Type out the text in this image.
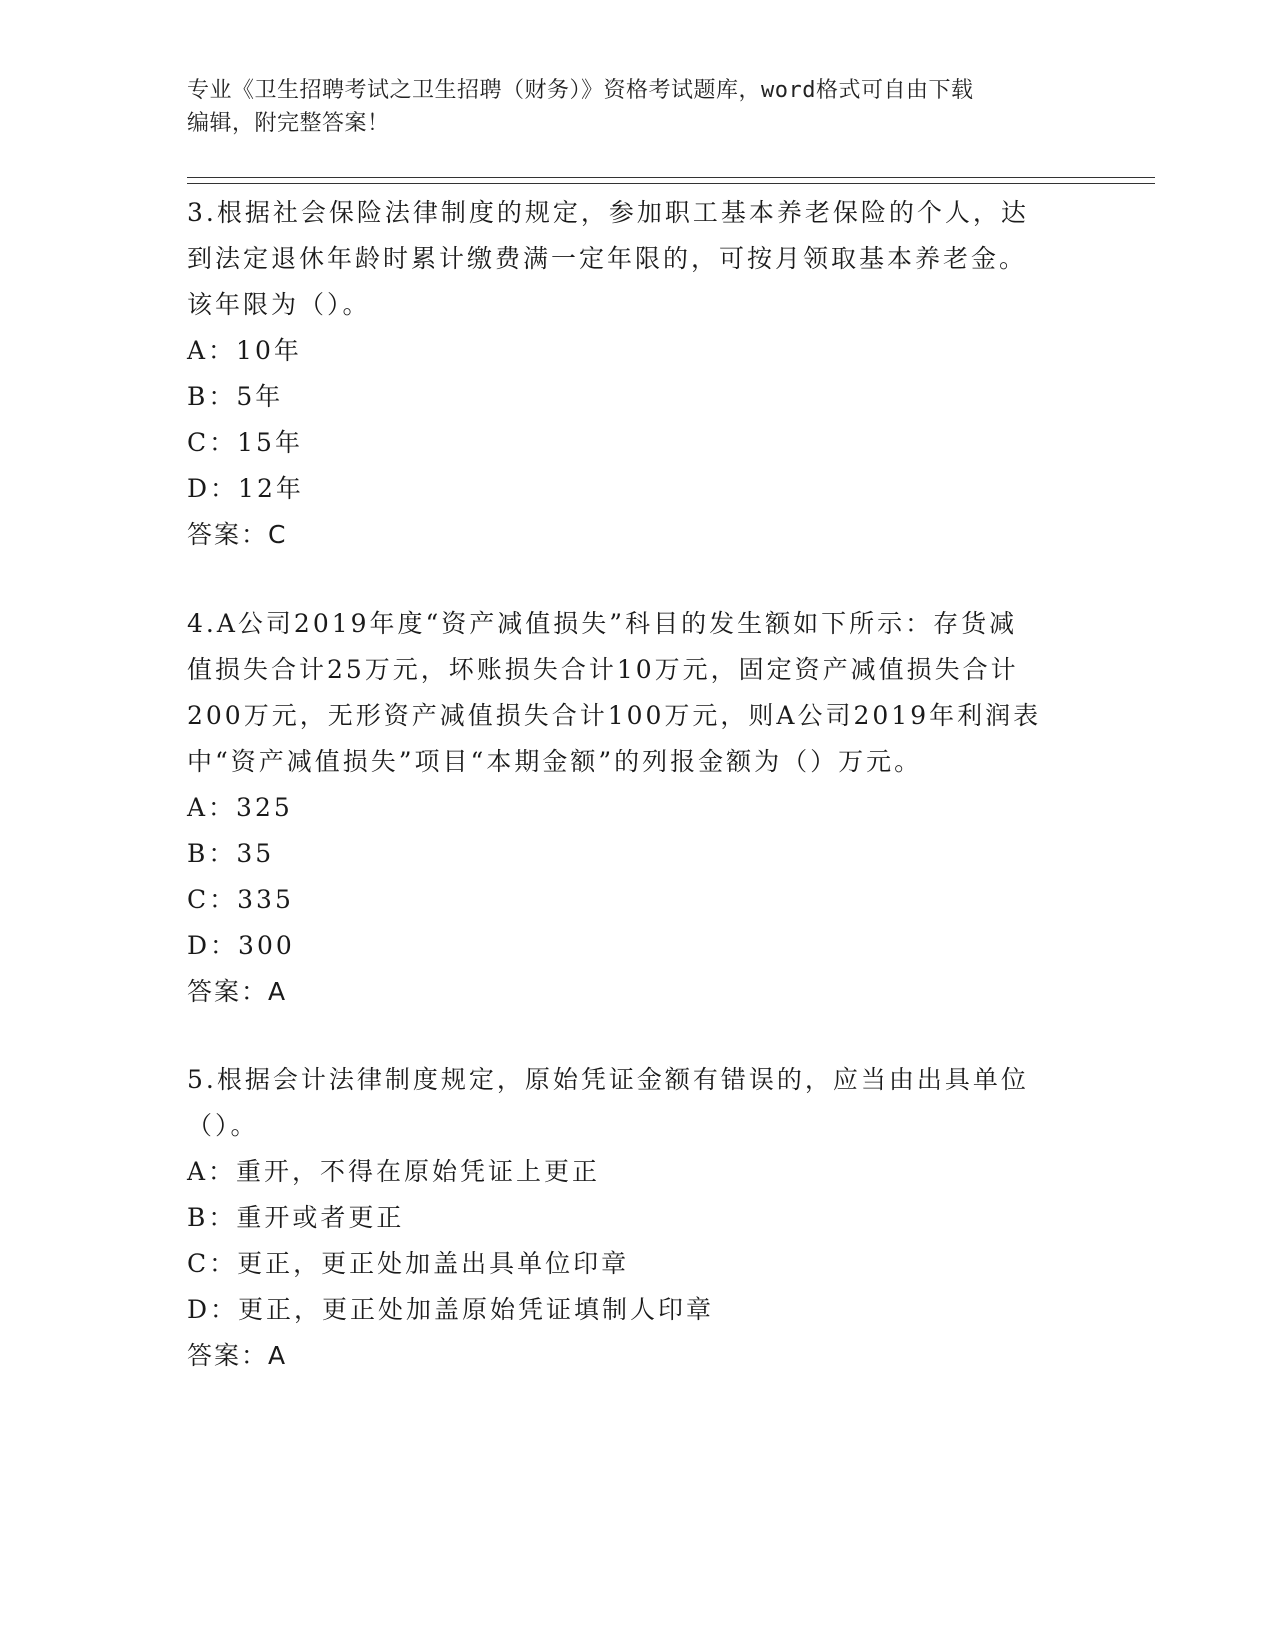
专业《卫生招聘考试之卫生招聘（财务）》资格考试题库，word格式可自由下载
编辑，附完整答案！
3.根据社会保险法律制度的规定，参加职工基本养老保险的个人，达
到法定退休年龄时累计缴费满一定年限的，可按月领取基本养老金。
该年限为（）。
A：10年
B：5年
C：15年
D：12年
答案：C
4.A公司2019年度“资产减值损失”科目的发生额如下所示：存货减
值损失合计25万元，坏账损失合计10万元，固定资产减值损失合计
200万元，无形资产减值损失合计100万元，则A公司2019年利润表
中“资产减值损失”项目“本期金额”的列报金额为（）万元。
A：325
B：35
C：335
D：300
答案：A
5.根据会计法律制度规定，原始凭证金额有错误的，应当由出具单位
（）。
A：重开，不得在原始凭证上更正
B：重开或者更正
C：更正，更正处加盖出具单位印章
D：更正，更正处加盖原始凭证填制人印章
答案：A
